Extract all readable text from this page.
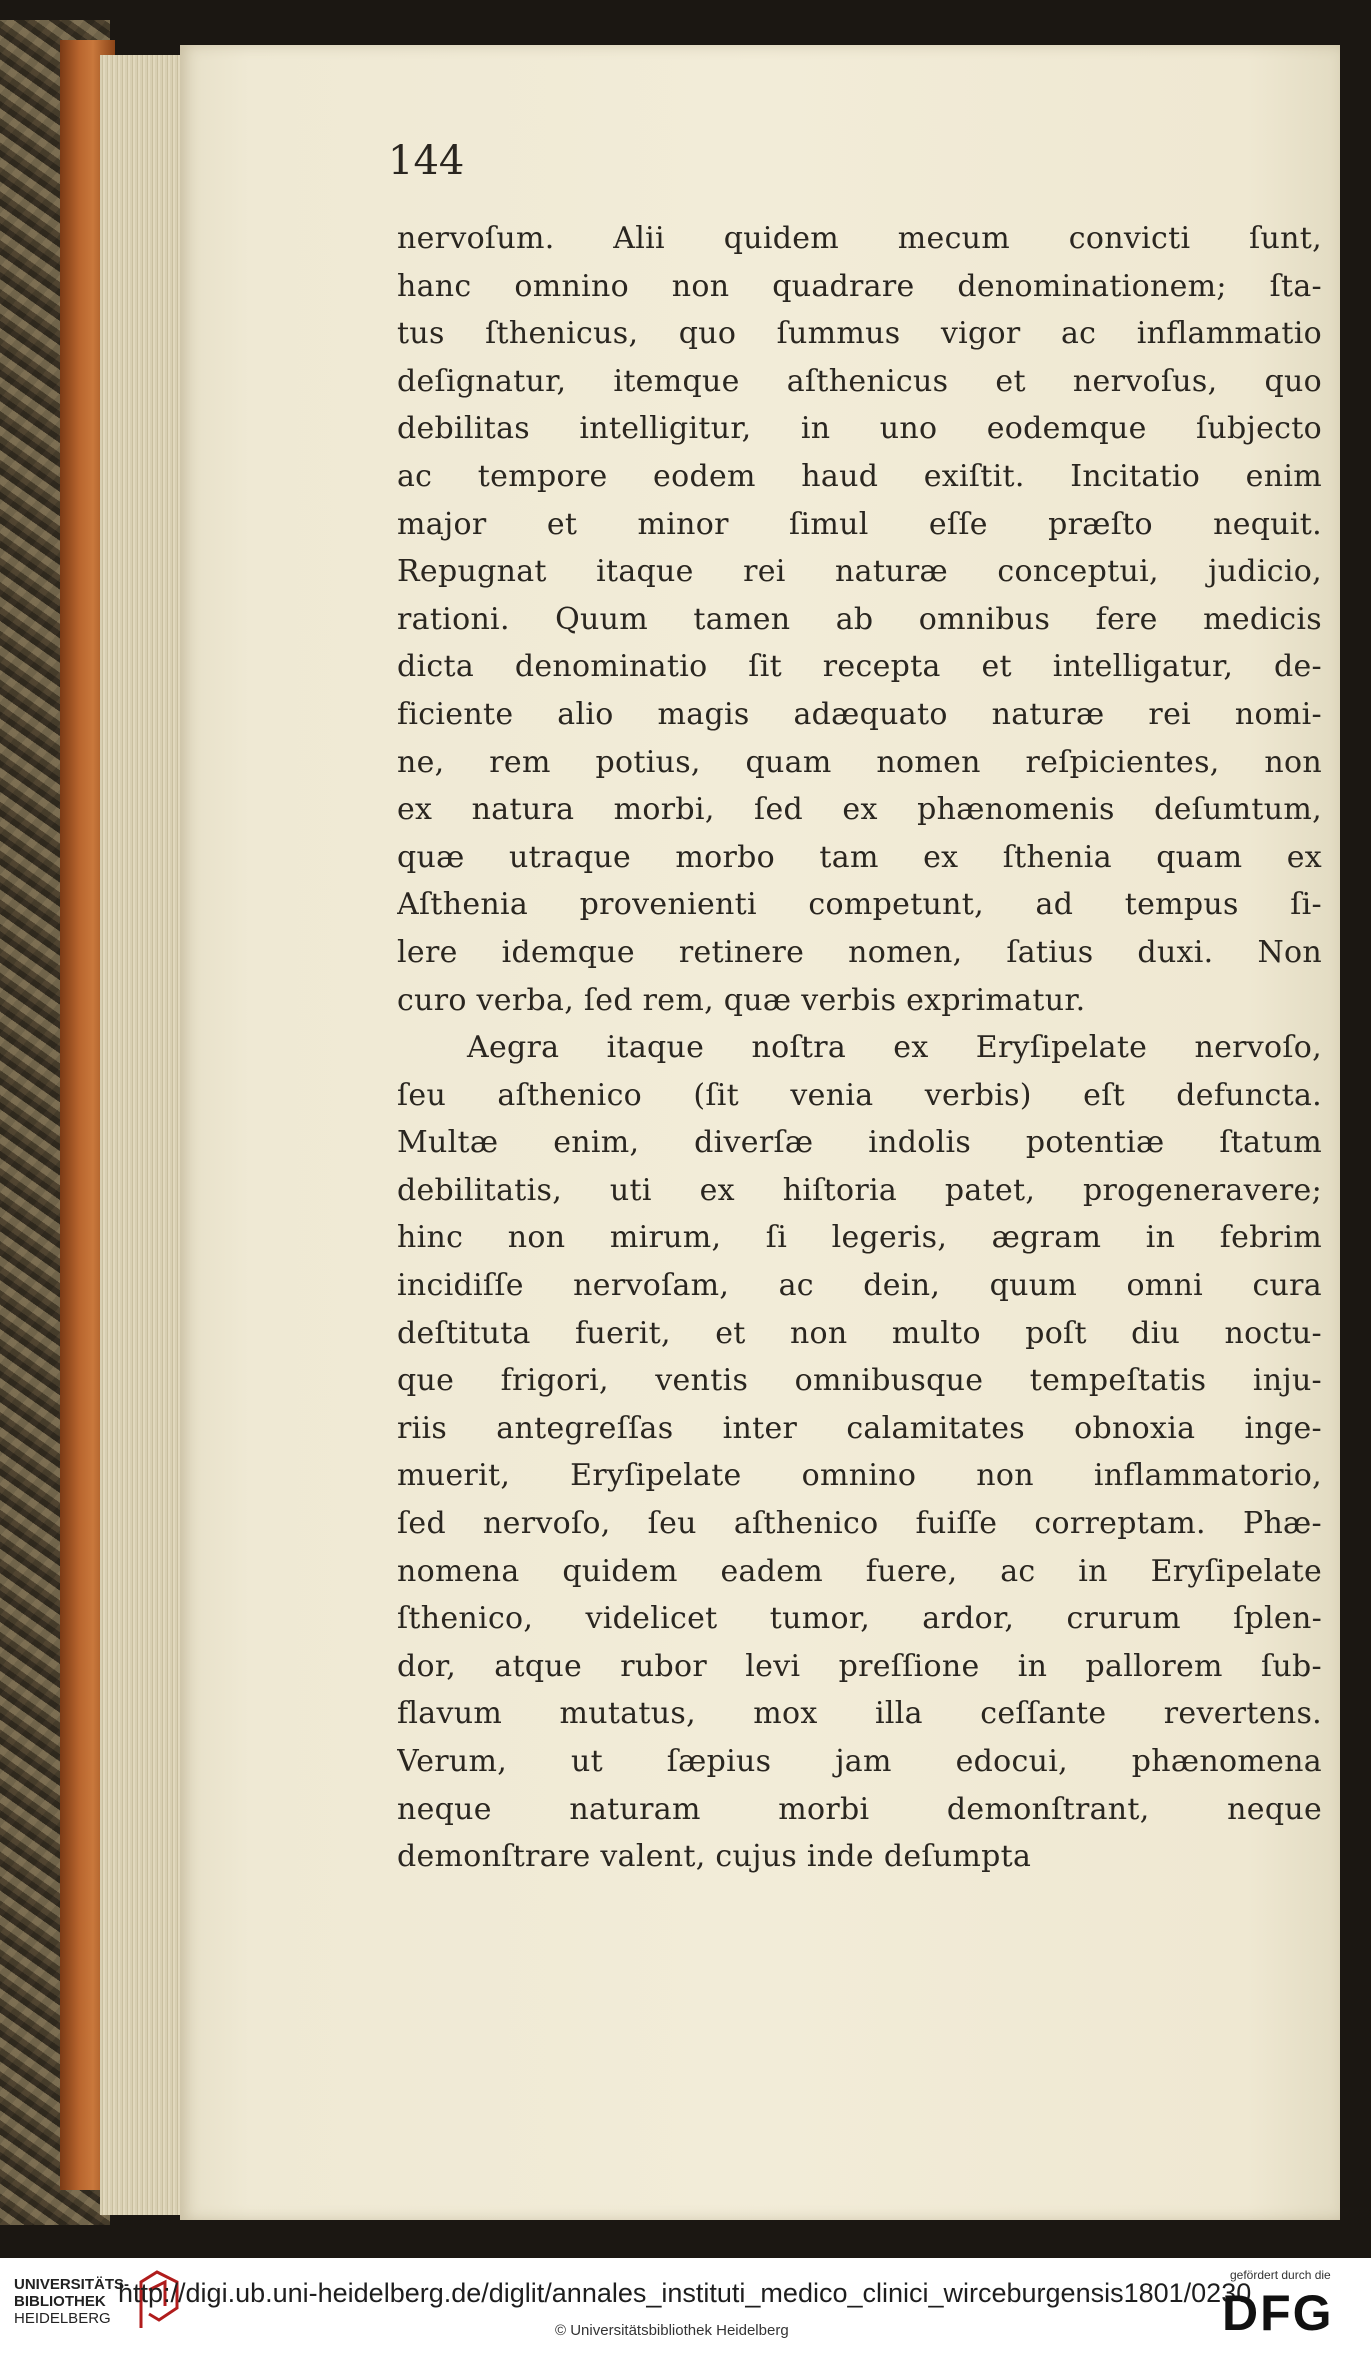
144
nervoſum. Alii quidem mecum convicti ſunt,
hanc omnino non quadrare denominationem; ſta-
tus ſthenicus, quo ſummus vigor ac inflammatio
deſignatur, itemque aſthenicus et nervoſus, quo
debilitas intelligitur, in uno eodemque ſubjecto
ac tempore eodem haud exiſtit. Incitatio enim
major et minor ſimul eſſe præſto nequit.
Repugnat itaque rei naturæ conceptui, judicio,
rationi. Quum tamen ab omnibus fere medicis
dicta denominatio ſit recepta et intelligatur, de-
ficiente alio magis adæquato naturæ rei nomi-
ne, rem potius, quam nomen reſpicientes, non
ex natura morbi, ſed ex phænomenis deſumtum,
quæ utraque morbo tam ex ſthenia quam ex
Aſthenia provenienti competunt, ad tempus ſi-
lere idemque retinere nomen, ſatius duxi. Non
curo verba, ſed rem, quæ verbis exprimatur.
Aegra itaque noſtra ex Eryſipelate nervoſo,
ſeu aſthenico (ſit venia verbis) eſt defuncta.
Multæ enim, diverſæ indolis potentiæ ſtatum
debilitatis, uti ex hiſtoria patet, progeneravere;
hinc non mirum, ſi legeris, ægram in febrim
incidiſſe nervoſam, ac dein, quum omni cura
deſtituta fuerit, et non multo poſt diu noctu-
que frigori, ventis omnibusque tempeſtatis inju-
riis antegreſſas inter calamitates obnoxia inge-
muerit, Eryſipelate omnino non inflammatorio,
ſed nervoſo, ſeu aſthenico fuiſſe correptam. Phæ-
nomena quidem eadem fuere, ac in Eryſipelate
ſthenico, videlicet tumor, ardor, crurum ſplen-
dor, atque rubor levi preſſione in pallorem ſub-
flavum mutatus, mox illa ceſſante revertens.
Verum, ut ſæpius jam edocui, phænomena
neque naturam morbi demonſtrant, neque
demonſtrare valent, cujus inde deſumpta
UNIVERSITÄTS-
BIBLIOTHEK
HEIDELBERG
http://digi.ub.uni-heidelberg.de/diglit/annales_instituti_medico_clinici_wirceburgensis1801/0230
© Universitätsbibliothek Heidelberg
gefördert durch die
DFG
